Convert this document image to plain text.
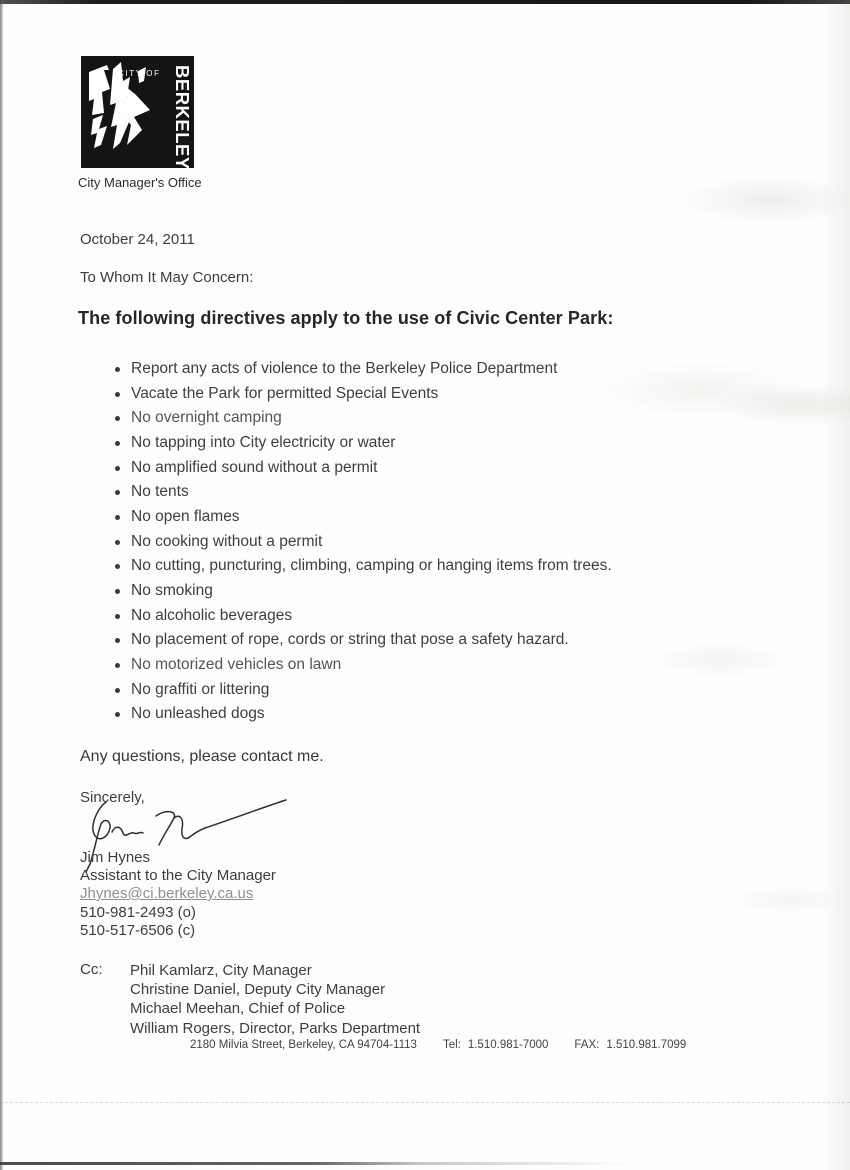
CITY OF BERKELEY
City Manager's Office
October 24, 2011
To Whom It May Concern:
The following directives apply to the use of Civic Center Park:
Report any acts of violence to the Berkeley Police Department
Vacate the Park for permitted Special Events
No overnight camping
No tapping into City electricity or water
No amplified sound without a permit
No tents
No open flames
No cooking without a permit
No cutting, puncturing, climbing, camping or hanging items from trees.
No smoking
No alcoholic beverages
No placement of rope, cords or string that pose a safety hazard.
No motorized vehicles on lawn
No graffiti or littering
No unleashed dogs
Any questions, please contact me.
Sincerely,
Jim Hynes
Assistant to the City Manager
Jhynes@ci.berkeley.ca.us
510-981-2493 (o)
510-517-6506 (c)
Cc:	Phil Kamlarz, City Manager
Christine Daniel, Deputy City Manager
Michael Meehan, Chief of Police
William Rogers, Director, Parks Department
2180 Milvia Street, Berkeley, CA 94704-1113 Tel: 1.510.981-7000 FAX: 1.510.981.7099
